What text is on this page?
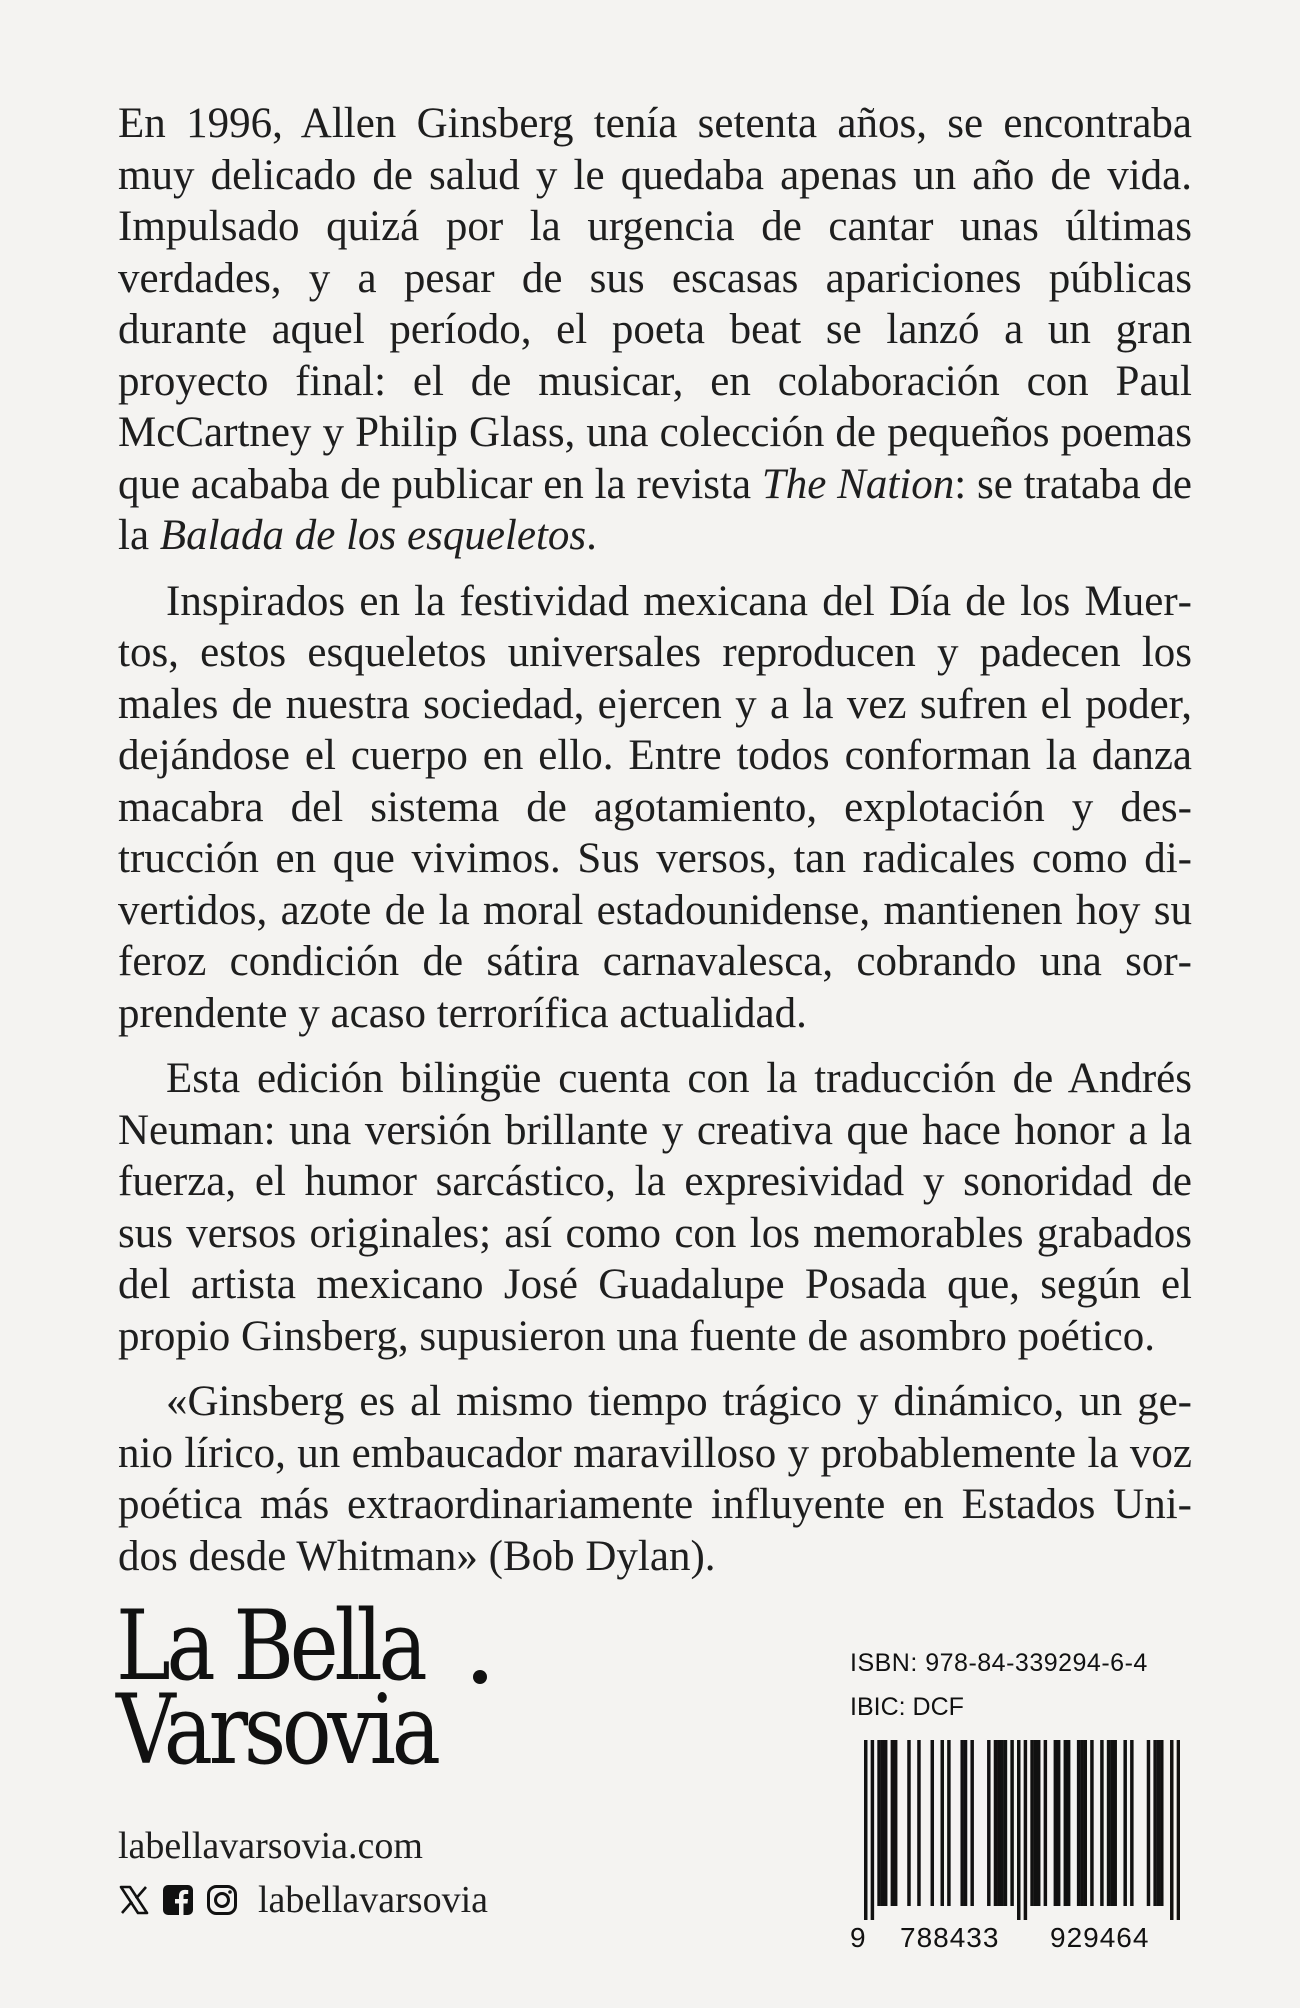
En 1996, Allen Ginsberg tenía setenta años, se encontraba muy delicado de salud y le quedaba apenas un año de vida. Impulsado quizá por la urgencia de cantar unas últimas verdades, y a pesar de sus escasas apariciones públicas durante aquel período, el poeta beat se lanzó a un gran proyecto final: el de musicar, en colaboración con Paul McCartney y Philip Glass, una colección de pequeños poemas que acababa de publicar en la revista The Nation: se trataba de la Balada de los esqueletos.

Inspirados en la festividad mexicana del Día de los Muertos, estos esqueletos universales reproducen y padecen los males de nuestra sociedad, ejercen y a la vez sufren el poder, dejándose el cuerpo en ello. Entre todos conforman la danza macabra del sistema de agotamiento, explotación y destrucción en que vivimos. Sus versos, tan radicales como divertidos, azote de la moral estadounidense, mantienen hoy su feroz condición de sátira carnavalesca, cobrando una sorprendente y acaso terrorífica actualidad.

Esta edición bilingüe cuenta con la traducción de Andrés Neuman: una versión brillante y creativa que hace honor a la fuerza, el humor sarcástico, la expresividad y sonoridad de sus versos originales; así como con los memorables grabados del artista mexicano José Guadalupe Posada que, según el propio Ginsberg, supusieron una fuente de asombro poético.

«Ginsberg es al mismo tiempo trágico y dinámico, un genio lírico, un embaucador maravilloso y probablemente la voz poética más extraordinariamente influyente en Estados Unidos desde Whitman» (Bob Dylan).

La Bella
Varsovia
labellavarsovia.com
labellavarsovia
ISBN: 978-84-339294-6-4
IBIC: DCF
9 788433 929464
